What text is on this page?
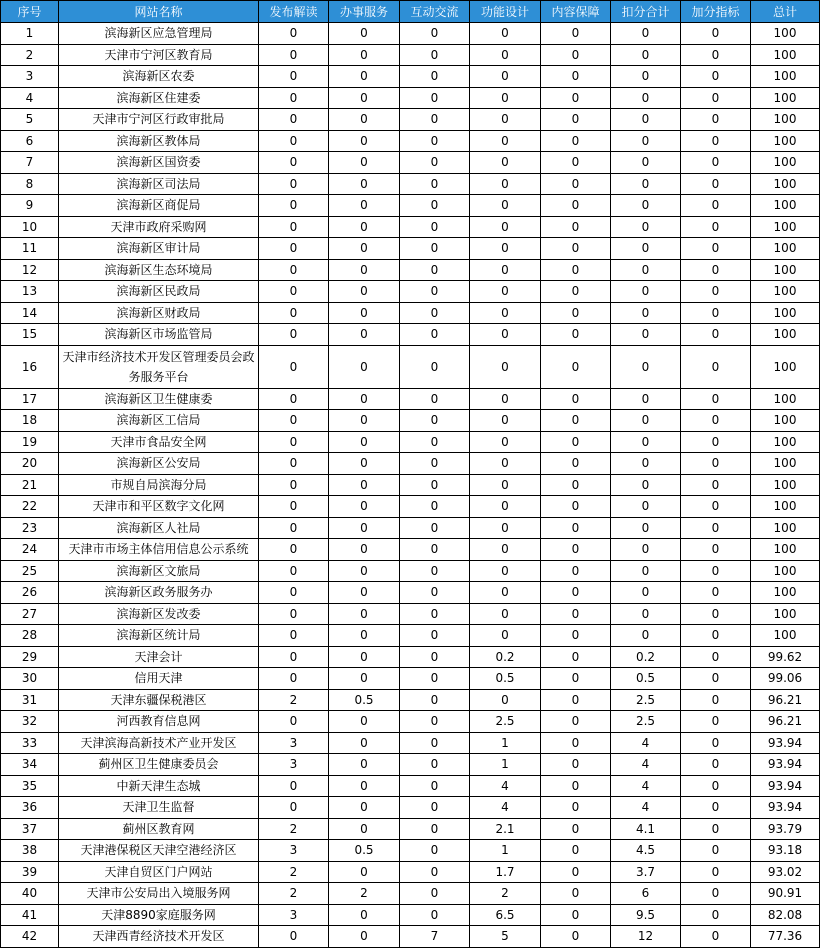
序号	网站名称	发布解读	办事服务	互动交流	功能设计	内容保障	扣分合计	加分指标	总计
1	滨海新区应急管理局	0	0	0	0	0	0	0	100
2	天津市宁河区教育局	0	0	0	0	0	0	0	100
3	滨海新区农委	0	0	0	0	0	0	0	100
4	滨海新区住建委	0	0	0	0	0	0	0	100
5	天津市宁河区行政审批局	0	0	0	0	0	0	0	100
6	滨海新区教体局	0	0	0	0	0	0	0	100
7	滨海新区国资委	0	0	0	0	0	0	0	100
8	滨海新区司法局	0	0	0	0	0	0	0	100
9	滨海新区商促局	0	0	0	0	0	0	0	100
10	天津市政府采购网	0	0	0	0	0	0	0	100
11	滨海新区审计局	0	0	0	0	0	0	0	100
12	滨海新区生态环境局	0	0	0	0	0	0	0	100
13	滨海新区民政局	0	0	0	0	0	0	0	100
14	滨海新区财政局	0	0	0	0	0	0	0	100
15	滨海新区市场监管局	0	0	0	0	0	0	0	100
16	天津市经济技术开发区管理委员会政务服务平台	0	0	0	0	0	0	0	100
17	滨海新区卫生健康委	0	0	0	0	0	0	0	100
18	滨海新区工信局	0	0	0	0	0	0	0	100
19	天津市食品安全网	0	0	0	0	0	0	0	100
20	滨海新区公安局	0	0	0	0	0	0	0	100
21	市规自局滨海分局	0	0	0	0	0	0	0	100
22	天津市和平区数字文化网	0	0	0	0	0	0	0	100
23	滨海新区人社局	0	0	0	0	0	0	0	100
24	天津市市场主体信用信息公示系统	0	0	0	0	0	0	0	100
25	滨海新区文旅局	0	0	0	0	0	0	0	100
26	滨海新区政务服务办	0	0	0	0	0	0	0	100
27	滨海新区发改委	0	0	0	0	0	0	0	100
28	滨海新区统计局	0	0	0	0	0	0	0	100
29	天津会计	0	0	0	0.2	0	0.2	0	99.62
30	信用天津	0	0	0	0.5	0	0.5	0	99.06
31	天津东疆保税港区	2	0.5	0	0	0	2.5	0	96.21
32	河西教育信息网	0	0	0	2.5	0	2.5	0	96.21
33	天津滨海高新技术产业开发区	3	0	0	1	0	4	0	93.94
34	蓟州区卫生健康委员会	3	0	0	1	0	4	0	93.94
35	中新天津生态城	0	0	0	4	0	4	0	93.94
36	天津卫生监督	0	0	0	4	0	4	0	93.94
37	蓟州区教育网	2	0	0	2.1	0	4.1	0	93.79
38	天津港保税区天津空港经济区	3	0.5	0	1	0	4.5	0	93.18
39	天津自贸区门户网站	2	0	0	1.7	0	3.7	0	93.02
40	天津市公安局出入境服务网	2	2	0	2	0	6	0	90.91
41	天津8890家庭服务网	3	0	0	6.5	0	9.5	0	82.08
42	天津西青经济技术开发区	0	0	7	5	0	12	0	77.36
